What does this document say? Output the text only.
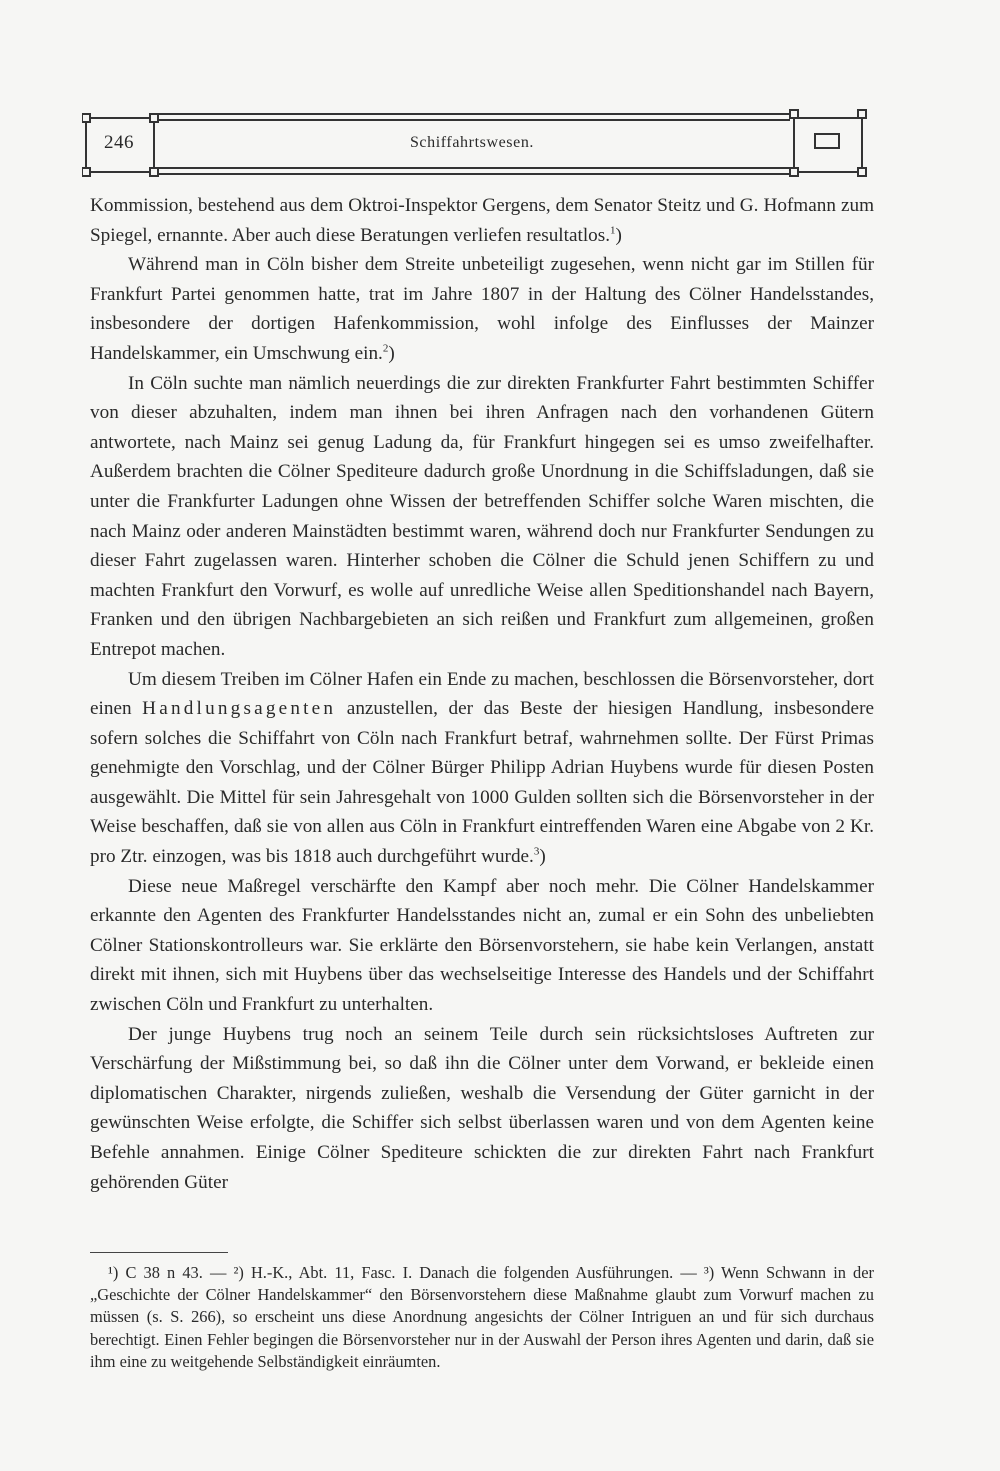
246	Schiffahrtswesen.

Kommission, bestehend aus dem Oktroi-Inspektor Gergens, dem Senator Steitz und G. Hofmann zum Spiegel, ernannte. Aber auch diese Beratungen verliefen resultatlos.$^1$)

Während man in Cöln bisher dem Streite unbeteiligt zugesehen, wenn nicht gar im Stillen für Frankfurt Partei genommen hatte, trat im Jahre 1807 in der Haltung des Cölner Handelsstandes, insbesondere der dortigen Hafenkommission, wohl infolge des Einflusses der Mainzer Handelskammer, ein Umschwung ein.$^2$)

In Cöln suchte man nämlich neuerdings die zur direkten Frankfurter Fahrt bestimmten Schiffer von dieser abzuhalten, indem man ihnen bei ihren Anfragen nach den vorhandenen Gütern antwortete, nach Mainz sei genug Ladung da, für Frankfurt hingegen sei es umso zweifelhafter. Außerdem brachten die Cölner Spediteure dadurch große Unordnung in die Schiffsladungen, daß sie unter die Frankfurter Ladungen ohne Wissen der betreffenden Schiffer solche Waren mischten, die nach Mainz oder anderen Mainstädten bestimmt waren, während doch nur Frankfurter Sendungen zu dieser Fahrt zugelassen waren. Hinterher schoben die Cölner die Schuld jenen Schiffern zu und machten Frankfurt den Vorwurf, es wolle auf unredliche Weise allen Speditionshandel nach Bayern, Franken und den übrigen Nachbargebieten an sich reißen und Frankfurt zum allgemeinen, großen Entrepot machen.

Um diesem Treiben im Cölner Hafen ein Ende zu machen, beschlossen die Börsenvorsteher, dort einen Handlungsagenten anzustellen, der das Beste der hiesigen Handlung, insbesondere sofern solches die Schiffahrt von Cöln nach Frankfurt betraf, wahrnehmen sollte. Der Fürst Primas genehmigte den Vorschlag, und der Cölner Bürger Philipp Adrian Huybens wurde für diesen Posten ausgewählt. Die Mittel für sein Jahresgehalt von 1000 Gulden sollten sich die Börsenvorsteher in der Weise beschaffen, daß sie von allen aus Cöln in Frankfurt eintreffenden Waren eine Abgabe von 2 Kr. pro Ztr. einzogen, was bis 1818 auch durchgeführt wurde.$^3$)

Diese neue Maßregel verschärfte den Kampf aber noch mehr. Die Cölner Handelskammer erkannte den Agenten des Frankfurter Handelsstandes nicht an, zumal er ein Sohn des unbeliebten Cölner Stationskontrolleurs war. Sie erklärte den Börsenvorstehern, sie habe kein Verlangen, anstatt direkt mit ihnen, sich mit Huybens über das wechselseitige Interesse des Handels und der Schiffahrt zwischen Cöln und Frankfurt zu unterhalten.

Der junge Huybens trug noch an seinem Teile durch sein rücksichtsloses Auftreten zur Verschärfung der Mißstimmung bei, so daß ihn die Cölner unter dem Vorwand, er bekleide einen diplomatischen Charakter, nirgends zuließen, weshalb die Versendung der Güter garnicht in der gewünschten Weise erfolgte, die Schiffer sich selbst überlassen waren und von dem Agenten keine Befehle annahmen. Einige Cölner Spediteure schickten die zur direkten Fahrt nach Frankfurt gehörenden Güter

¹) C 38 n 43. — ²) H.-K., Abt. 11, Fasc. I. Danach die folgenden Ausführungen. — ³) Wenn Schwann in der „Geschichte der Cölner Handelskammer“ den Börsenvorstehern diese Maßnahme glaubt zum Vorwurf machen zu müssen (s. S. 266), so erscheint uns diese Anordnung angesichts der Cölner Intriguen an und für sich durchaus berechtigt. Einen Fehler begingen die Börsenvorsteher nur in der Auswahl der Person ihres Agenten und darin, daß sie ihm eine zu weitgehende Selbständigkeit einräumten.
